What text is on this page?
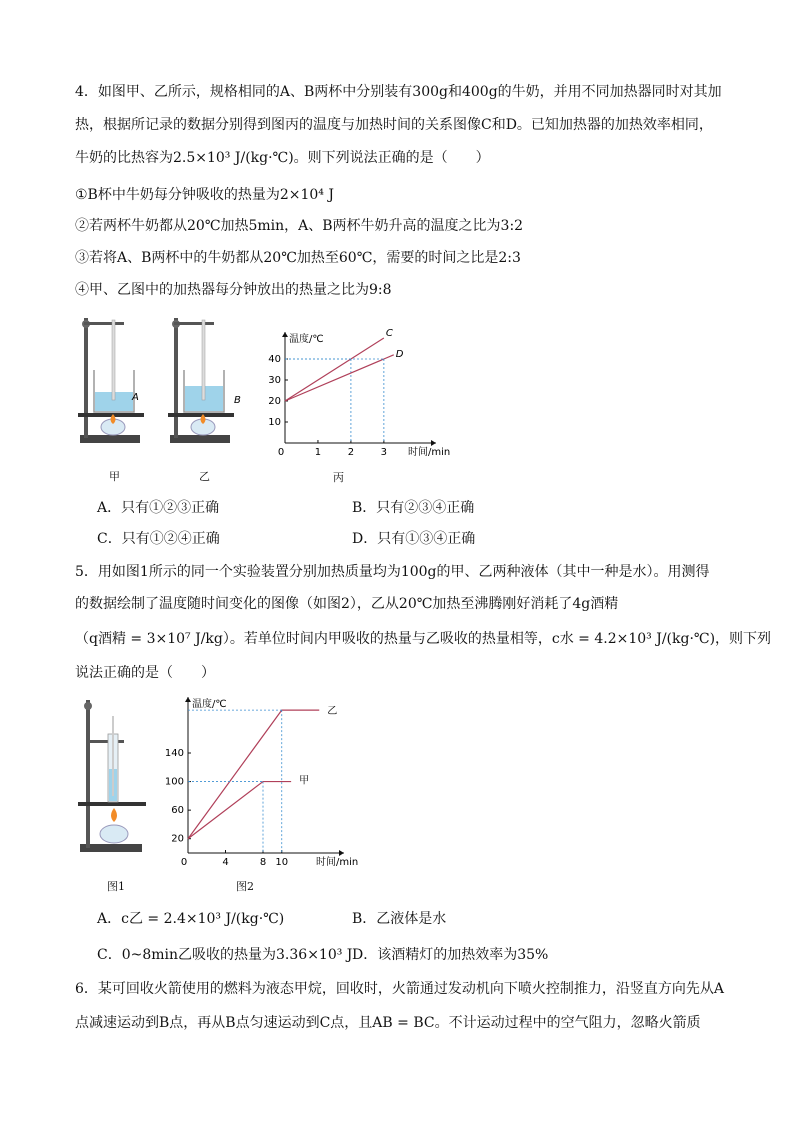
4．如图甲、乙所示，规格相同的A、B两杯中分别装有300g和400g的牛奶，并用不同加热器同时对其加
热，根据所记录的数据分别得到图丙的温度与加热时间的关系图像C和D。已知加热器的加热效率相同，
牛奶的比热容为2.5×10³ J/(kg·℃)。则下列说法正确的是（　　）
①B杯中牛奶每分钟吸收的热量为2×10⁴ J
②若两杯牛奶都从20℃加热5min，A、B两杯牛奶升高的温度之比为3:2
③若将A、B两杯中的牛奶都从20℃加热至60℃，需要的时间之比是2:3
④甲、乙图中的加热器每分钟放出的热量之比为9:8
A	B
甲	乙
温度/℃
时间/min
0	1	2	3
10
20
30
40
C
D
丙
A．只有①②③正确	B．只有②③④正确
C．只有①②④正确	D．只有①③④正确
5．用如图1所示的同一个实验装置分别加热质量均为100g的甲、乙两种液体（其中一种是水）。用测得
的数据绘制了温度随时间变化的图像（如图2），乙从20℃加热至沸腾刚好消耗了4g酒精
（q酒精 = 3×10⁷ J/kg）。若单位时间内甲吸收的热量与乙吸收的热量相等，c水 = 4.2×10³ J/(kg·℃)，则下列
说法正确的是（　　）
图1
温度/℃
时间/min
0	4	8 10
20
60
100
140
乙
甲
图2
A．c乙 = 2.4×10³ J/(kg·℃)	B．乙液体是水
C．0~8min乙吸收的热量为3.36×10³ J D．该酒精灯的加热效率为35%
6．某可回收火箭使用的燃料为液态甲烷，回收时，火箭通过发动机向下喷火控制推力，沿竖直方向先从A
点减速运动到B点，再从B点匀速运动到C点，且AB = BC。不计运动过程中的空气阻力，忽略火箭质
